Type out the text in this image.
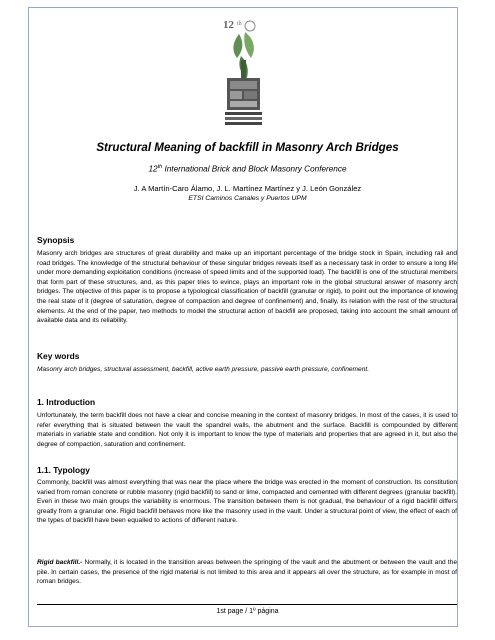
12 th
Structural Meaning of backfill in Masonry Arch Bridges
12th International Brick and Block Masonry Conference
J. A Martín-Caro Álamo, J. L. Martínez Martínez y J. León González
ETSI Caminos Canales y Puertos UPM
Synopsis

Masonry arch bridges are structures of great durability and make up an important percentage of the bridge stock in Spain, including rail and road bridges. The knowledge of the structural behaviour of these singular bridges reveals itself as a necessary task in order to ensure a long life under more demanding exploitation conditions (increase of speed limits and of the supported load). The backfill is one of the structural members that form part of these structures, and, as this paper tries to evince, plays an important role in the global structural answer of masonry arch bridges. The objective of this paper is to propose a typological classification of backfill (granular or rigid), to point out the importance of knowing the real state of it (degree of saturation, degree of compaction and degree of confinement) and, finally, its relation with the rest of the structural elements. At the end of the paper, two methods to model the structural action of backfill are proposed, taking into account the small amount of available data and its reliability.

Key words

Masonry arch bridges, structural assessment, backfill, active earth pressure, passive earth pressure, confinement.

1. Introduction

Unfortunately, the term backfill does not have a clear and concise meaning in the context of masonry bridges. In most of the cases, it is used to refer everything that is situated between the vault the spandrel walls, the abutment and the surface. Backfill is compounded by different materials in variable state and condition. Not only it is important to know the type of materials and properties that are agreed in it, but also the degree of compaction, saturation and confinement.

1.1. Typology

Commonly, backfill was almost everything that was near the place where the bridge was erected in the moment of construction. Its constitution varied from roman concrete or rubble masonry (rigid backfill) to sand or lime, compacted and cemented with different degrees (granular backfill). Even in these two main groups the variability is enormous. The transition between them is not gradual, the behaviour of a rigid backfill differs greatly from a granular one. Rigid backfill behaves more like the masonry used in the vault. Under a structural point of view, the effect of each of the types of backfill have been equalled to actions of different nature.

Rigid backfill.- Normally, it is located in the transition areas between the springing of the vault and the abutment or between the vault and the pile. In certain cases, the presence of the rigid material is not limited to this area and it appears all over the structure, as for example in most of roman bridges.

1st page / 1º página
